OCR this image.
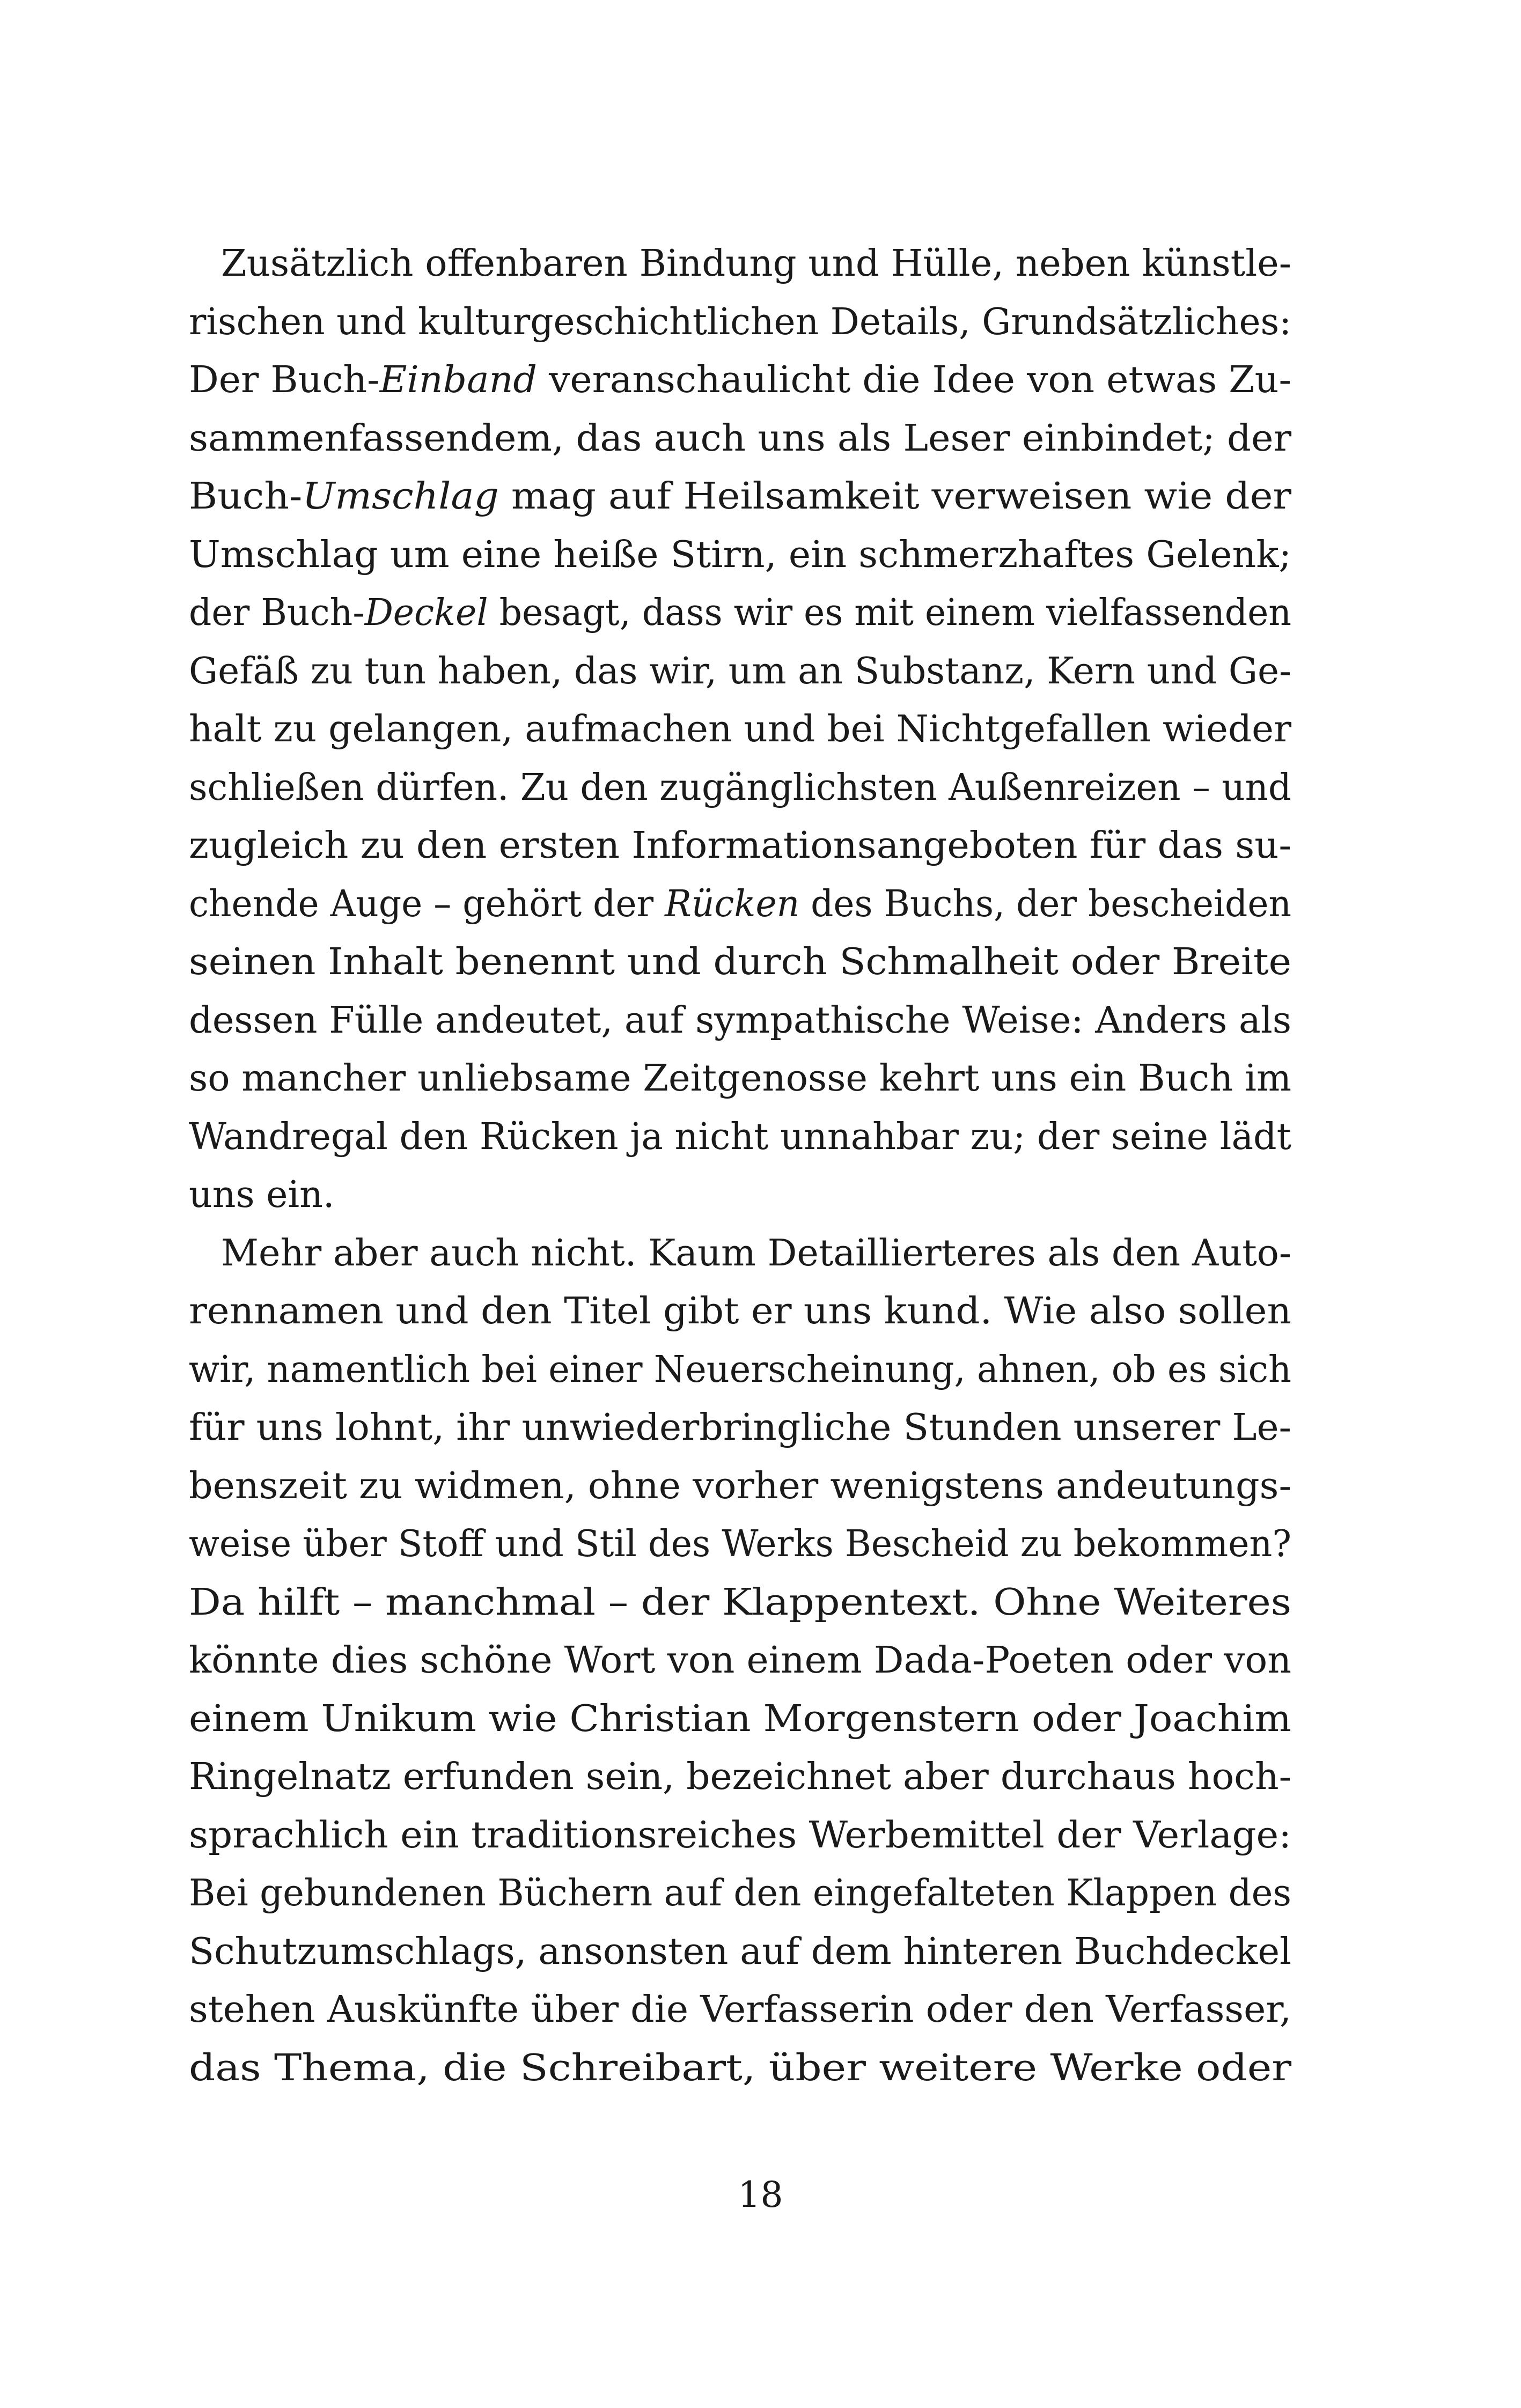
Zusätzlich offenbaren Bindung und Hülle, neben künstle-
rischen und kulturgeschichtlichen Details, Grundsätzliches:
Der Buch-Einband veranschaulicht die Idee von etwas Zu-
sammenfassendem, das auch uns als Leser einbindet; der
Buch-Umschlag mag auf Heilsamkeit verweisen wie der
Umschlag um eine heiße Stirn, ein schmerzhaftes Gelenk;
der Buch-Deckel besagt, dass wir es mit einem vielfassenden
Gefäß zu tun haben, das wir, um an Substanz, Kern und Ge-
halt zu gelangen, aufmachen und bei Nichtgefallen wieder
schließen dürfen. Zu den zugänglichsten Außenreizen – und
zugleich zu den ersten Informationsangeboten für das su-
chende Auge – gehört der Rücken des Buchs, der bescheiden
seinen Inhalt benennt und durch Schmalheit oder Breite
dessen Fülle andeutet, auf sympathische Weise: Anders als
so mancher unliebsame Zeitgenosse kehrt uns ein Buch im
Wandregal den Rücken ja nicht unnahbar zu; der seine lädt
uns ein.
Mehr aber auch nicht. Kaum Detaillierteres als den Auto-
rennamen und den Titel gibt er uns kund. Wie also sollen
wir, namentlich bei einer Neuerscheinung, ahnen, ob es sich
für uns lohnt, ihr unwiederbringliche Stunden unserer Le-
benszeit zu widmen, ohne vorher wenigstens andeutungs-
weise über Stoff und Stil des Werks Bescheid zu bekommen?
Da hilft – manchmal – der Klappentext. Ohne Weiteres
könnte dies schöne Wort von einem Dada-Poeten oder von
einem Unikum wie Christian Morgenstern oder Joachim
Ringelnatz erfunden sein, bezeichnet aber durchaus hoch-
sprachlich ein traditionsreiches Werbemittel der Verlage:
Bei gebundenen Büchern auf den eingefalteten Klappen des
Schutzumschlags, ansonsten auf dem hinteren Buchdeckel
stehen Auskünfte über die Verfasserin oder den Verfasser,
das Thema, die Schreibart, über weitere Werke oder
18
